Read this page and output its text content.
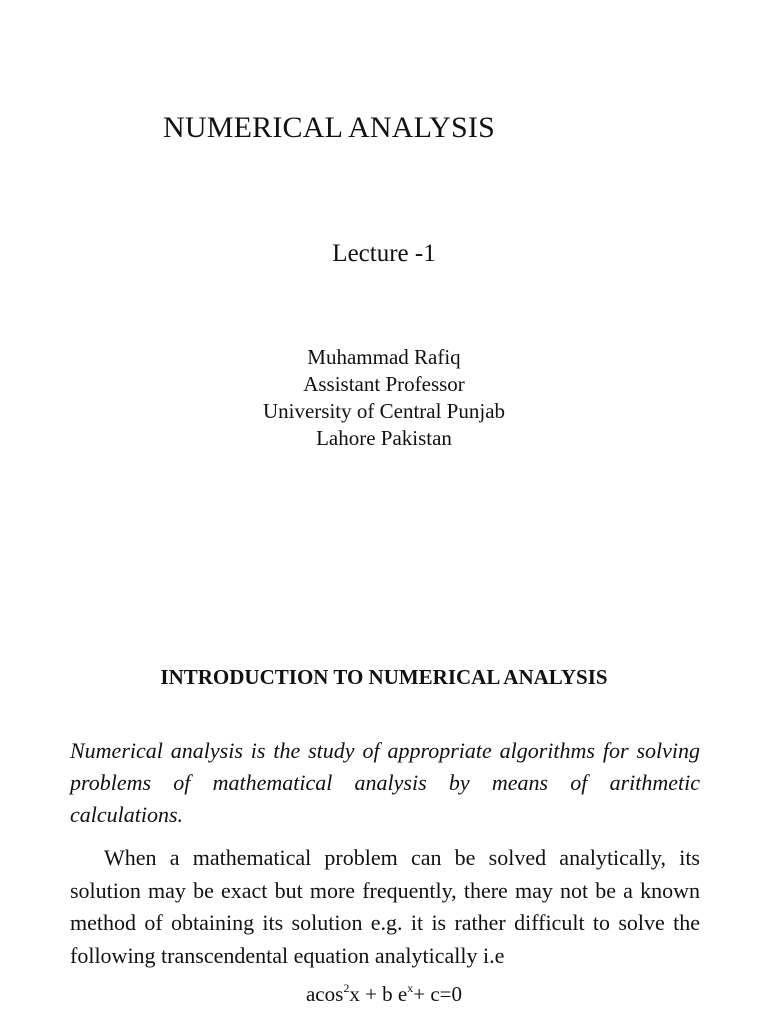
NUMERICAL ANALYSIS
Lecture -1
Muhammad Rafiq
Assistant Professor
University of Central Punjab
Lahore Pakistan
INTRODUCTION TO NUMERICAL ANALYSIS

Numerical analysis is the study of appropriate algorithms for solving problems of mathematical analysis by means of arithmetic calculations.

When a mathematical problem can be solved analytically, its solution may be exact but more frequently, there may not be a known method of obtaining its solution e.g. it is rather difficult to solve the following transcendental equation analytically i.e

acos$^2$x + b $e^x+ c=0$
